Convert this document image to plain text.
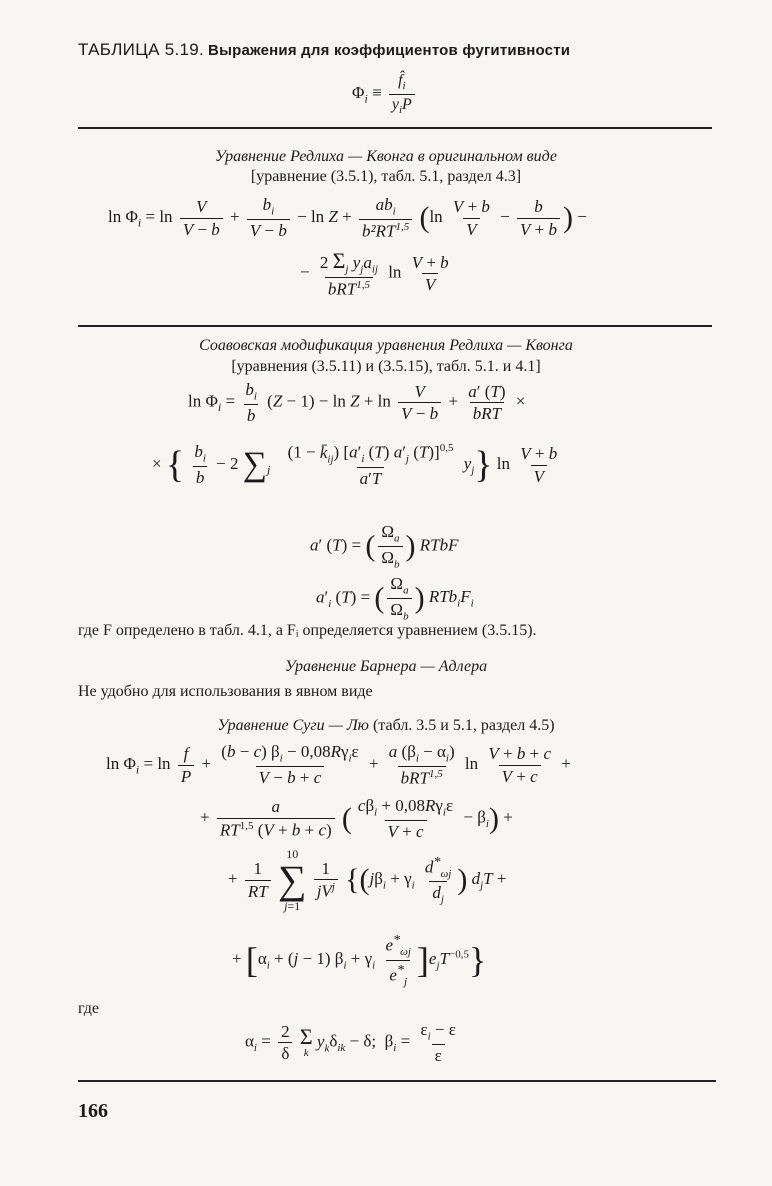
ТАБЛИЦА 5.19. Выражения для коэффициентов фугитивности
$\Phi_i \equiv \frac{f̂_i}{y_iP}$
Уравнение Редлиха — Квонга в оригинальном виде
[уравнение (3.5.1), табл. 5.1, раздел 4.3]
$\ln \Phi_i = \ln \frac{V}{V - b} + \frac{b_i}{V - b} - \ln Z + \frac{ab_i}{b^2RT^{1,5}} (\ln \frac{V + b}{V} - \frac{b}{V + b}$ ) −
− $\frac{2 \Sigma_j y_ja_{ij}}{bRT^{1,5}}$ $\ln \frac{V + b}{V}$
Соавовская модификация уравнения Редлиха — Квонга
[уравнения (3.5.11) и (3.5.15), табл. 5.1. и 4.1]
$\ln \Phi_i = \frac{b_i}{b} (Z - 1) - \ln Z + \ln \frac{V}{V - b} + \frac{a' (T)}{\text{bRT}}$ ×
× { $\frac{b_i}{b} - 2$ $\sum_j \frac{(1 - k̄_{ij}) [a'_i (T) a'_j (T)]^{0,5}}{a'T} y_j$} $\ln \frac{V + b}{V}$
a′ (T) = ( $\frac{\Omega_a}{\Omega_b}$ ) RTbF
$a'_i$ (T) = ( $\frac{\Omega_a}{\Omega_b}$ ) $RTb_iF_i$
где F определено в табл. 4.1, а Fᵢ определяется уравнением (3.5.15).
Уравнение Барнера — Адлера
Не удобно для использования в явном виде
Уравнение Суги — Лю (табл. 3.5 и 5.1, раздел 4.5)
$\ln \Phi_i = \ln \frac{f}{P} + \frac{(b - c) \beta_i - 0,08R\gamma_i\varepsilon}{V - b + c} + \frac{a (\beta_i - \alpha_i)}{bRT^{1,5}}$ $\ln \frac{V + b + c}{V + c}$ +
+ $\frac{a}{RT^{1,5} (V + b + c)}$ ( $\frac{c\beta_i + 0,08R\gamma_i\varepsilon}{V + c} - \beta_i$) +
+ $\frac{1}{RT}$

10
∑
j=1

$\frac{1}{jV^j} \{(j\beta_i + \gamma_i \frac{d^*_{\omega j}}{d_j}$ ) $d_jT$ +
+ $[\alpha_i + (j - 1) \beta_i + \gamma_i \frac{e^*_{\omega j}}{e^*_j} ]e_jT^{-0,5}$}
где
$\alpha_i = \frac{2}{\delta}$
Σ
k
$y_k\delta_{ik} - \delta$;  $\beta_i = \frac{\varepsilon_i - \varepsilon}{\varepsilon}$
166
